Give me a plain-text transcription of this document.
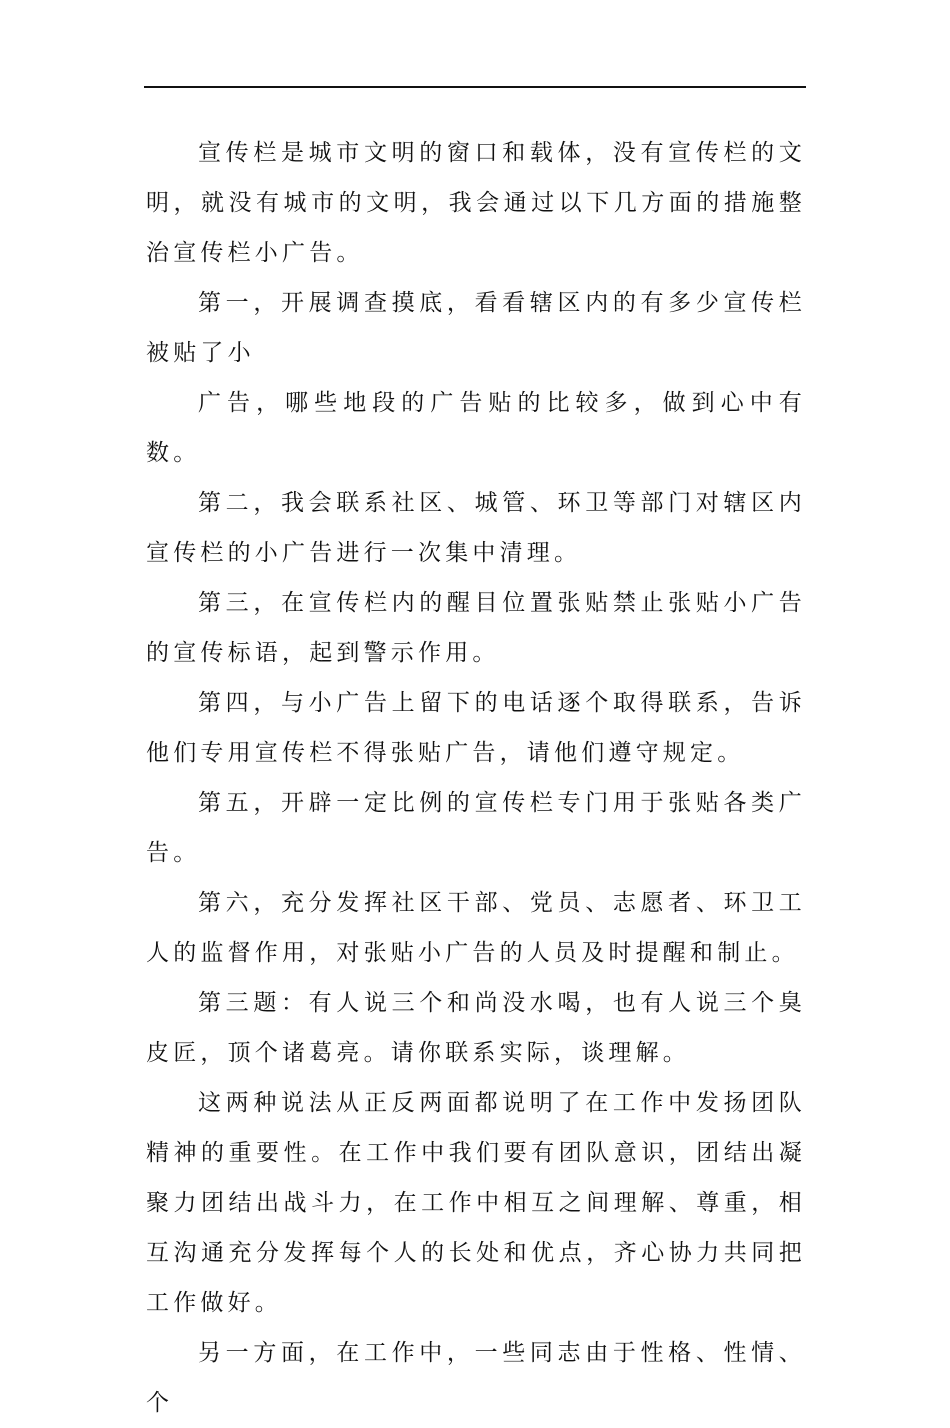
宣传栏是城市文明的窗口和载体，没有宣传栏的文明，就没有城市的文明，我会通过以下几方面的措施整治宣传栏小广告。

第一，开展调查摸底，看看辖区内的有多少宣传栏被贴了小

广告，哪些地段的广告贴的比较多，做到心中有数。

第二，我会联系社区、城管、环卫等部门对辖区内宣传栏的小广告进行一次集中清理。

第三，在宣传栏内的醒目位置张贴禁止张贴小广告的宣传标语，起到警示作用。

第四，与小广告上留下的电话逐个取得联系，告诉他们专用宣传栏不得张贴广告，请他们遵守规定。

第五，开辟一定比例的宣传栏专门用于张贴各类广告。

第六，充分发挥社区干部、党员、志愿者、环卫工人的监督作用，对张贴小广告的人员及时提醒和制止。

第三题：有人说三个和尚没水喝，也有人说三个臭皮匠，顶个诸葛亮。请你联系实际，谈理解。

这两种说法从正反两面都说明了在工作中发扬团队精神的重要性。在工作中我们要有团队意识，团结出凝聚力团结出战斗力，在工作中相互之间理解、尊重，相互沟通充分发挥每个人的长处和优点，齐心协力共同把工作做好。

另一方面，在工作中，一些同志由于性格、性情、个
